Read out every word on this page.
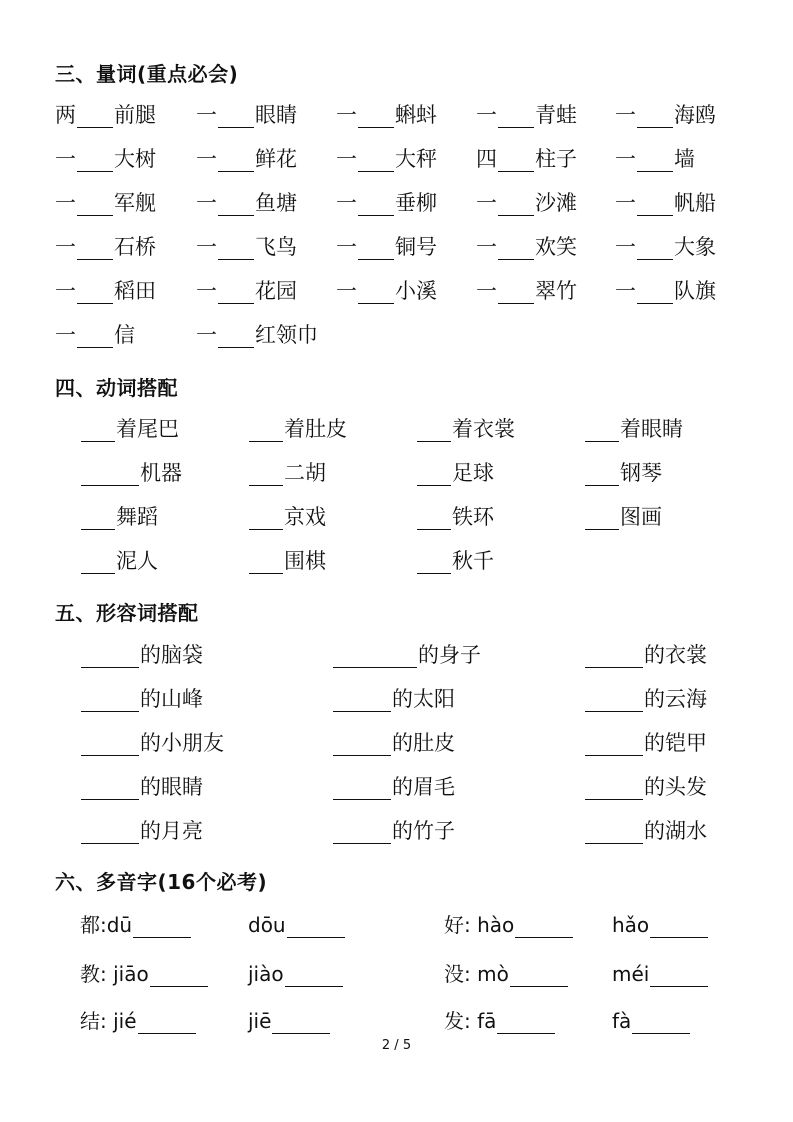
三、量词(重点必会)
两 前腿 一 眼睛 一 蝌蚪 一 青蛙 一 海鸥
一 大树 一 鲜花 一 大秤 四 柱子 一 墙
一 军舰 一 鱼塘 一 垂柳 一 沙滩 一 帆船
一 石桥 一 飞鸟 一 铜号 一 欢笑 一 大象
一 稻田 一 花园 一 小溪 一 翠竹 一 队旗
一 信	一 红领巾
四、动词搭配
着尾巴	着肚皮	着衣裳	着眼睛
机器	二胡	足球	钢琴
舞蹈	京戏	铁环	图画
泥人	围棋	秋千
五、形容词搭配
的脑袋	的身子	的衣裳
的山峰	的太阳	的云海
的小朋友	的肚皮	的铠甲
的眼睛	的眉毛	的头发
的月亮	的竹子	的湖水
六、多音字(16个必考)
都:dū	dōu	好: hào	hǎo
教: jiāo	jiào	没: mò	méi
结: jié	jiē	发: fā	fà
2 / 5
